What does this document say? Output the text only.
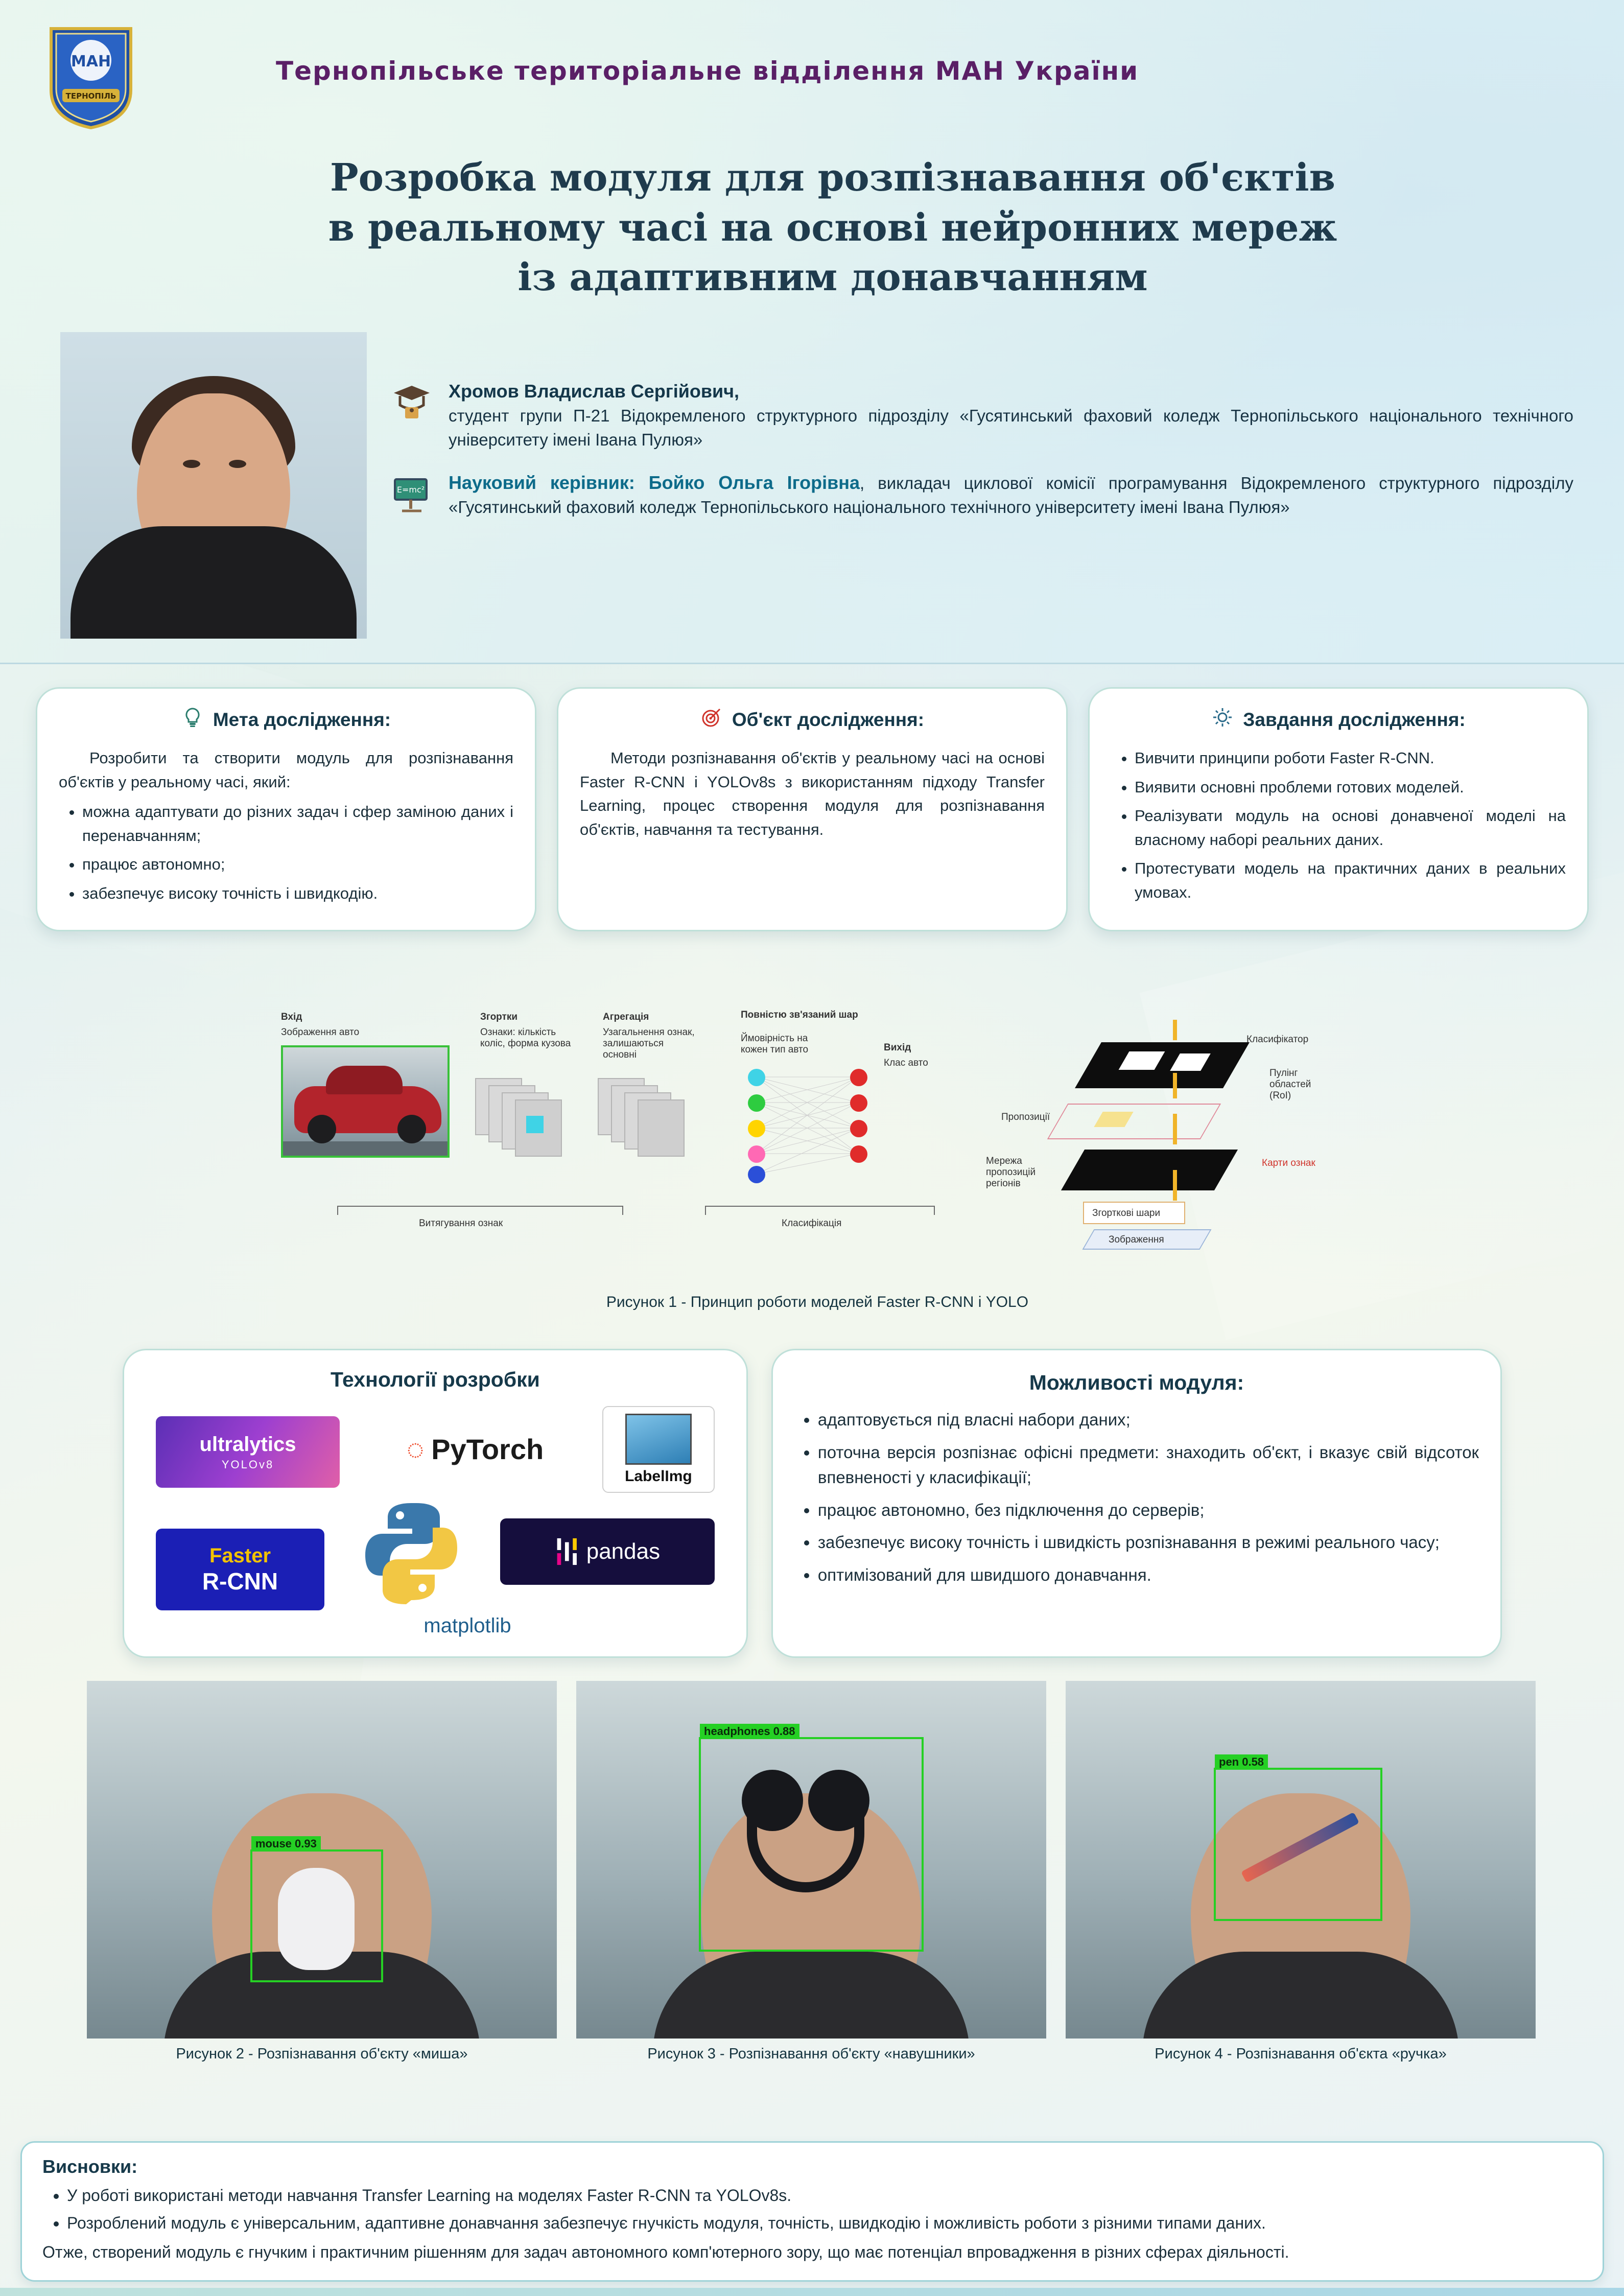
МАН
ТЕРНОПІЛЬ
Тернопільське територіальне відділення МАН України
Розробка модуля для розпізнавання об'єктів
в реальному часі на основі нейронних мереж
із адаптивним донавчанням
Хромов Владислав Сергійович,
студент групи П-21 Відокремленого структурного підрозділу «Гусятинський фаховий коледж Тернопільського національного технічного університету імені Івана Пулюя»
E=mc² Науковий керівник: Бойко Ольга Ігорівна, викладач циклової комісії програмування Відокремленого структурного підрозділу «Гусятинський фаховий коледж Тернопільського національного технічного університету імені Івана Пулюя»
Мета дослідження:

Розробити та створити модуль для розпізнавання об'єктів у реальному часі, який:

• можна адаптувати до різних задач і сфер заміною даних і перенавчанням;
• працює автономно;
• забезпечує високу точність і швидкодію.
Об'єкт дослідження:

Методи розпізнавання об'єктів у реальному часі на основі Faster R-CNN і YOLOv8s з використанням підходу Transfer Learning, процес створення модуля для розпізнавання об'єктів, навчання та тестування.

Завдання дослідження:
• Вивчити принципи роботи Faster R-CNN.
• Виявити основні проблеми готових моделей.
• Реалізувати модуль на основі донавченої моделі на власному наборі реальних даних.
• Протестувати модель на практичних даних в реальних умовах.
Вхід
Зображення авто
Згортки
Ознаки: кількість коліс, форма кузова
Агрегація
Узагальнення ознак, залишаються основні
Повністю зв'язаний шар
Ймовірність на кожен тип авто	Вихід
Клас авто
Витягування ознак	Класифікація
Класифікатор
Пулінг областей (RoI)
Пропозиції
Карти ознак
Мережа пропозицій регіонів
Згорткові шари
Зображення
Рисунок 1 - Принцип роботи моделей Faster R-CNN і YOLO
Технології розробки
ultralytics
YOLOv8	◌ PyTorch
LabelImg
Faster
R-CNN
pandas
matplotlib
Можливості модуля:
• адаптовується під власні набори даних;
• поточна версія розпізнає офісні предмети: знаходить об'єкт, і вказує свій відсоток впевненості у класифікації;
• працює автономно, без підключення до серверів;
• забезпечує високу точність і швидкість розпізнавання в режимі реального часу;
• оптимізований для швидшого донавчання.
mouse 0.93
Рисунок 2 - Розпізнавання об'єкту «миша»
headphones 0.88
Рисунок 3 - Розпізнавання об'єкту «навушники»
pen 0.58
Рисунок 4 - Розпізнавання об'єкта «ручка»
Висновки:
• У роботі використані методи навчання Transfer Learning на моделях Faster R-CNN та YOLOv8s.
• Розроблений модуль є універсальним, адаптивне донавчання забезпечує гнучкість модуля, точність, швидкодію і можливість роботи з різними типами даних.

Отже, створений модуль є гнучким і практичним рішенням для задач автономного комп'ютерного зору, що має потенціал впровадження в різних сферах діяльності.
